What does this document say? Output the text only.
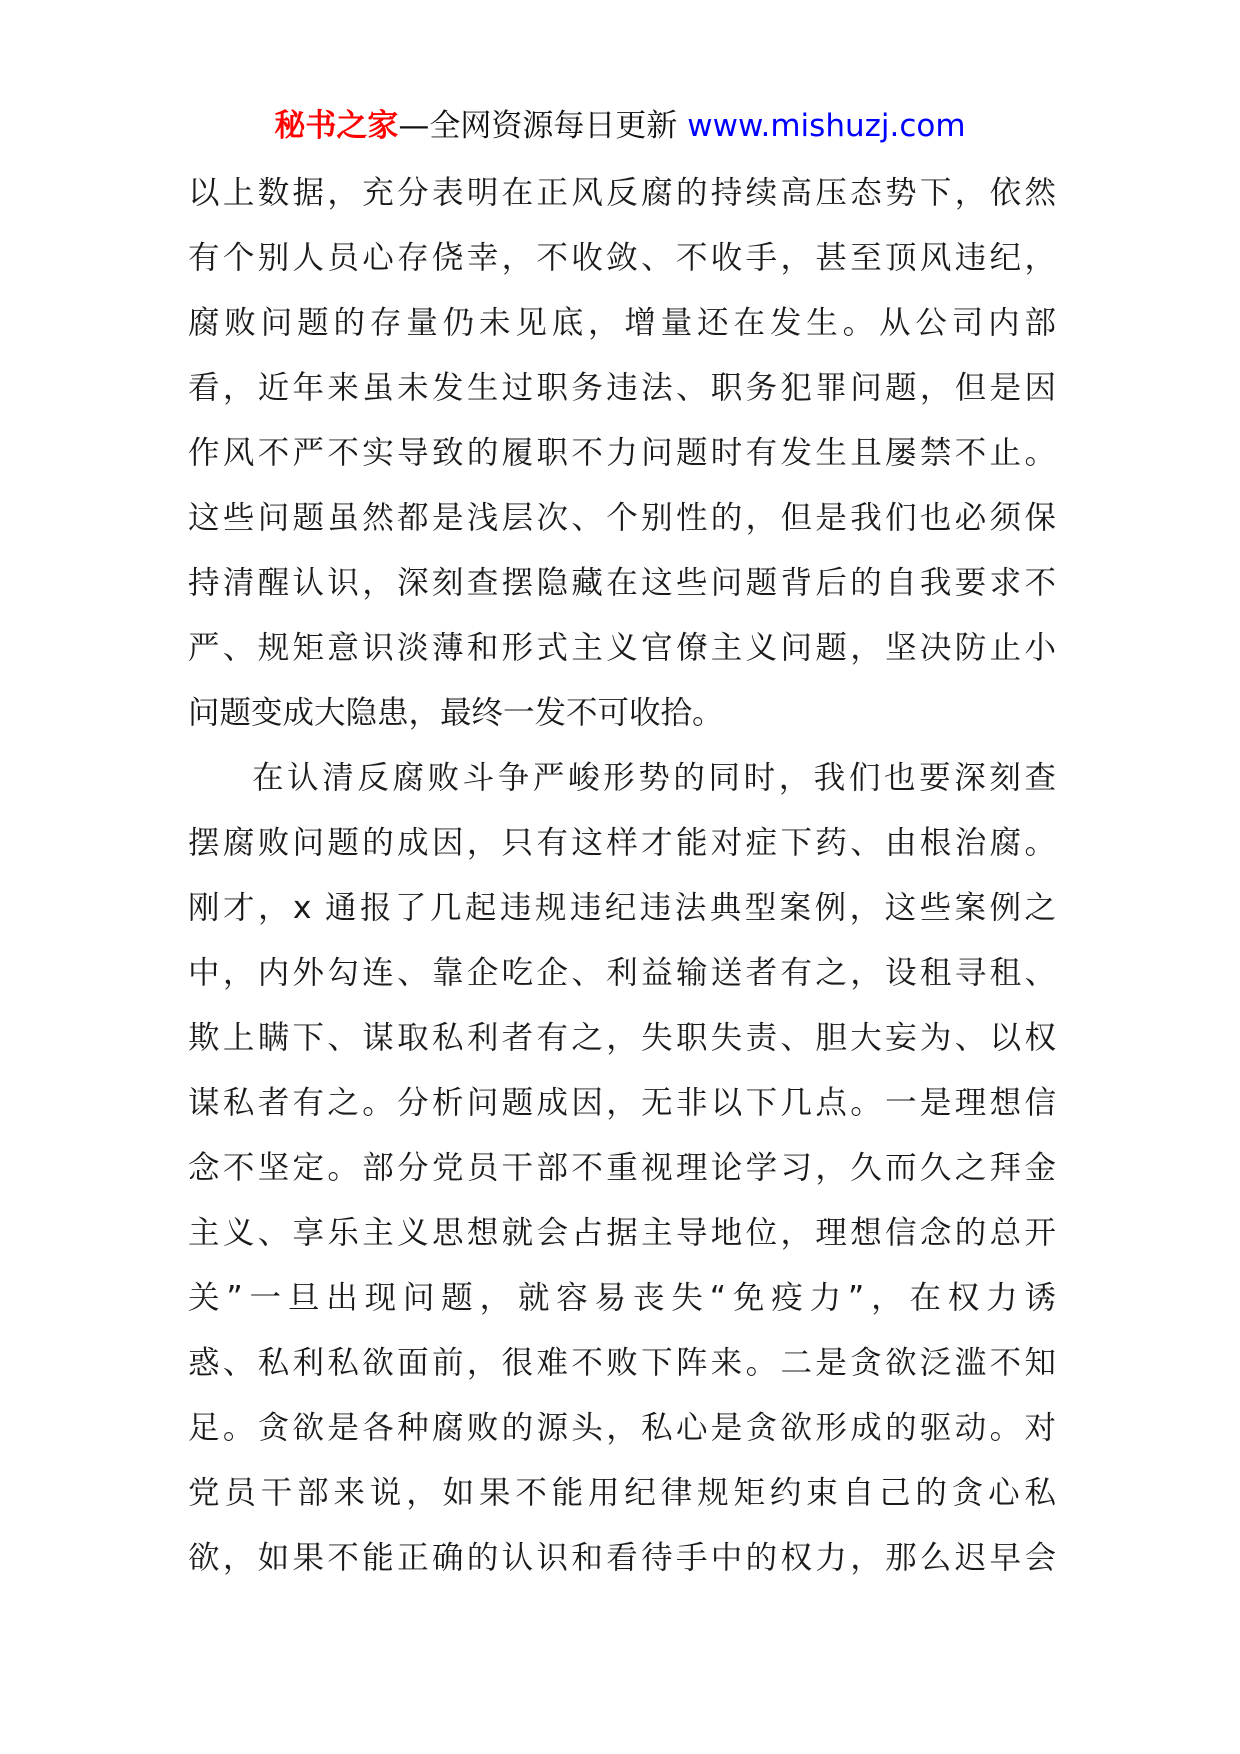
秘书之家—全网资源每日更新 www.mishuzj.com
以上数据，充分表明在正风反腐的持续高压态势下，依然
有个别人员心存侥幸，不收敛、不收手，甚至顶风违纪，
腐败问题的存量仍未见底，增量还在发生。从公司内部
看，近年来虽未发生过职务违法、职务犯罪问题，但是因
作风不严不实导致的履职不力问题时有发生且屡禁不止。
这些问题虽然都是浅层次、个别性的，但是我们也必须保
持清醒认识，深刻查摆隐藏在这些问题背后的自我要求不
严、规矩意识淡薄和形式主义官僚主义问题，坚决防止小
问题变成大隐患，最终一发不可收拾。
在认清反腐败斗争严峻形势的同时，我们也要深刻查
摆腐败问题的成因，只有这样才能对症下药、由根治腐。
刚才，x 通报了几起违规违纪违法典型案例，这些案例之
中，内外勾连、靠企吃企、利益输送者有之，设租寻租、
欺上瞒下、谋取私利者有之，失职失责、胆大妄为、以权
谋私者有之。分析问题成因，无非以下几点。一是理想信
念不坚定。部分党员干部不重视理论学习，久而久之拜金
主义、享乐主义思想就会占据主导地位，理想信念的总开
关”一旦出现问题，就容易丧失“免疫力”，在权力诱
惑、私利私欲面前，很难不败下阵来。二是贪欲泛滥不知
足。贪欲是各种腐败的源头，私心是贪欲形成的驱动。对
党员干部来说，如果不能用纪律规矩约束自己的贪心私
欲，如果不能正确的认识和看待手中的权力，那么迟早会
